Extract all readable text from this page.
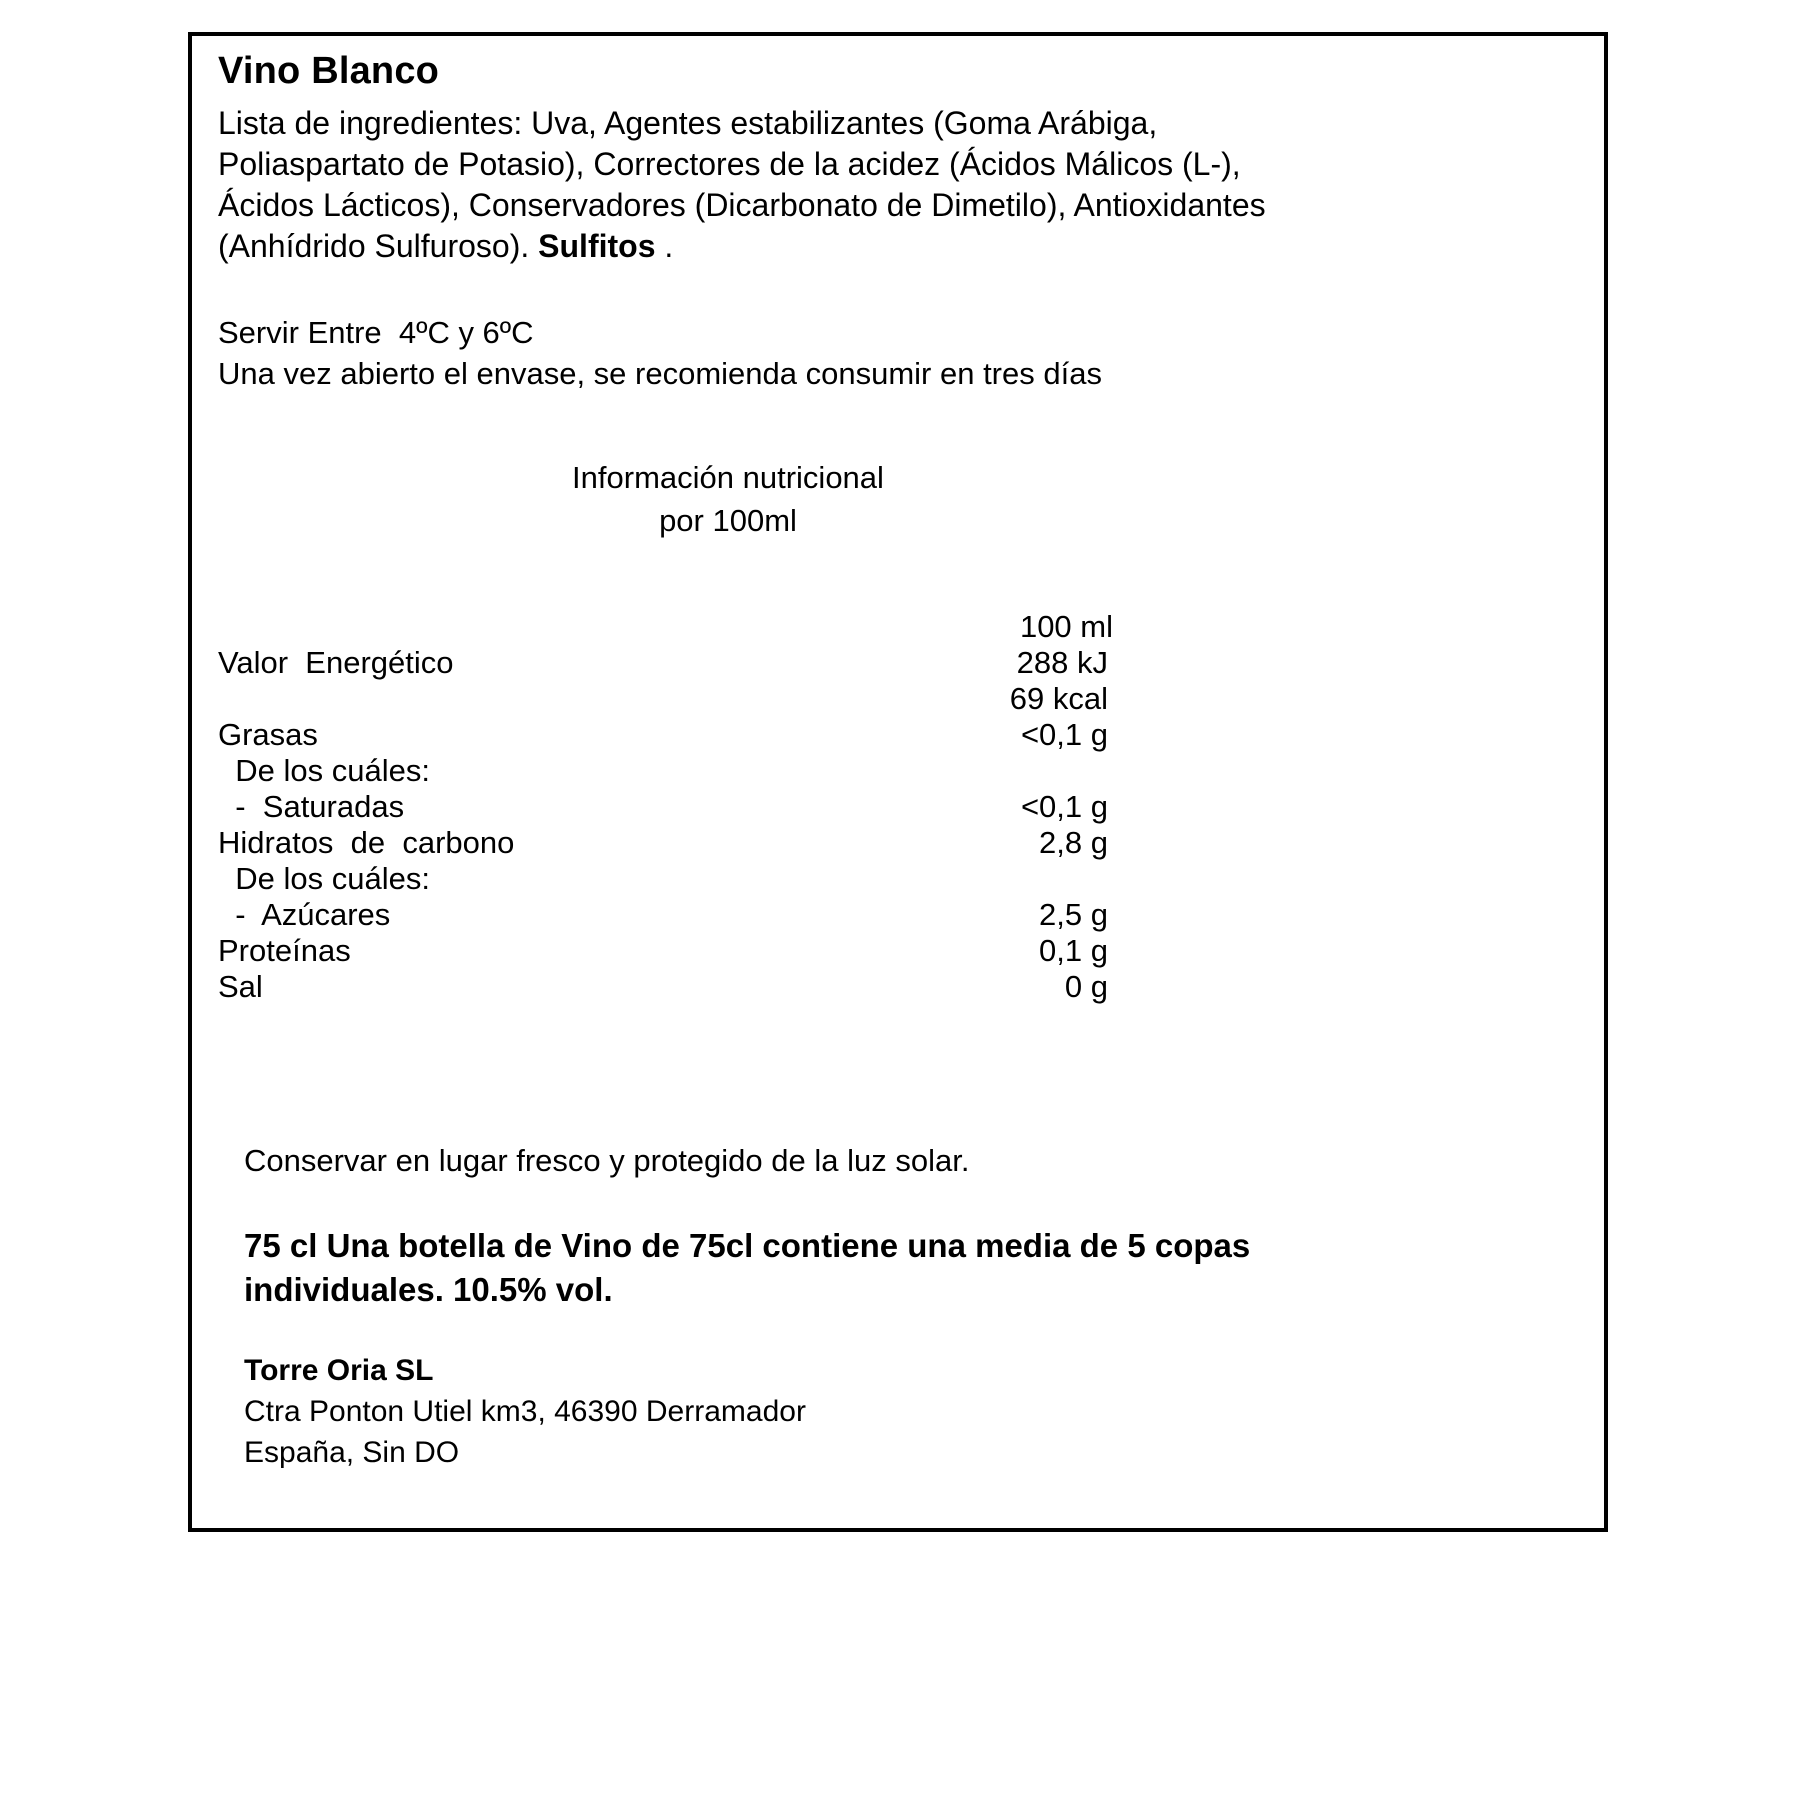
Vino Blanco

Lista de ingredientes: Uva, Agentes estabilizantes (Goma Arábiga, Poliaspartato de Potasio), Correctores de la acidez (Ácidos Málicos (L-), Ácidos Lácticos), Conservadores (Dicarbonato de Dimetilo), Antioxidantes (Anhídrido Sulfuroso). Sulfitos .

Servir Entre  4ºC y 6ºC
Una vez abierto el envase, se recomienda consumir en tres días
Información nutricional
por 100ml
	100 ml
Valor  Energético	288 kJ
	69 kcal
Grasas	<0,1 g
De los cuáles:	
-  Saturadas	<0,1 g
Hidratos  de  carbono	2,8 g
De los cuáles:	
-  Azúcares	2,5 g
Proteínas	0,1 g
Sal	0 g
Conservar en lugar fresco y protegido de la luz solar.
75 cl Una botella de Vino de 75cl contiene una media de 5 copas individuales. 10.5% vol.
Torre Oria SL
Ctra Ponton Utiel km3, 46390 Derramador
España, Sin DO
